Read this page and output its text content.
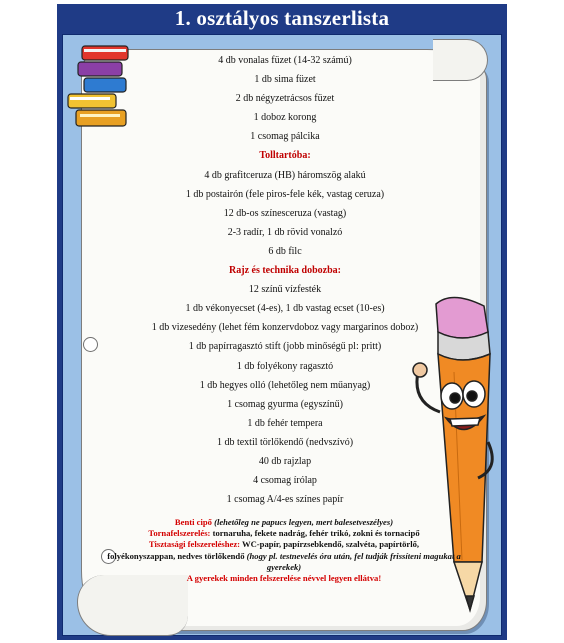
1. osztályos tanszerlista
4 db vonalas füzet (14-32 számú)
1 db sima füzet
2 db négyzetrácsos füzet
1 doboz korong
1 csomag pálcika
Tolltartóba:
4 db grafitceruza (HB) háromszög alakú
1 db postairón (fele piros-fele kék, vastag ceruza)
12 db-os színesceruza (vastag)
2-3 radír, 1 db rövid vonalzó
6 db filc
Rajz és technika dobozba:
12 színű vízfesték
1 db vékonyecset (4-es), 1 db vastag ecset (10-es)
1 db vizesedény (lehet fém konzervdoboz vagy margarinos doboz)
1 db papírragasztó stift (jobb minőségű pl: pritt)
1 db folyékony ragasztó
1 db hegyes olló (lehetőleg nem műanyag)
1 csomag gyurma (egyszínű)
1 db fehér tempera
1 db textil törlőkendő (nedvszívó)
40 db rajzlap
4 csomag írólap
1 csomag A/4-es színes papír
Benti cipő (lehetőleg ne papucs legyen, mert balesetveszélyes)
Tornafelszerelés: tornaruha, fekete nadrág, fehér trikó, zokni és tornacipő
Tisztasági felszereléshez: WC-papír, papírzsebkendő, szalvéta, papírtörlő,
folyékonyszappan, nedves törlőkendő (hogy pl. testnevelés óra után, fel tudják frissíteni magukat a gyerekek)
A gyerekek minden felszerelése névvel legyen ellátva!
